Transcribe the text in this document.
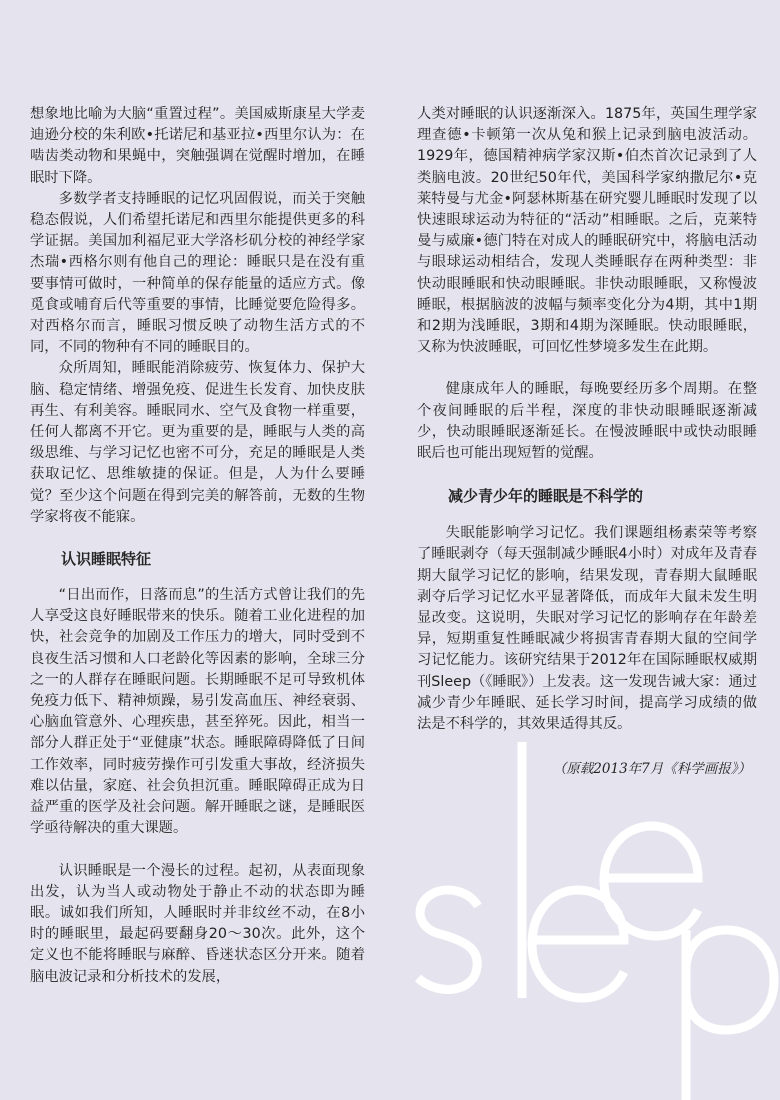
想象地比喻为大脑“重置过程”。美国威斯康星大学麦迪逊分校的朱利欧•托诺尼和基亚拉•西里尔认为：在啮齿类动物和果蝇中，突触强调在觉醒时增加，在睡眠时下降。

多数学者支持睡眠的记忆巩固假说，而关于突触稳态假说，人们希望托诺尼和西里尔能提供更多的科学证据。美国加利福尼亚大学洛杉矶分校的神经学家杰瑞•西格尔则有他自己的理论：睡眠只是在没有重要事情可做时，一种简单的保存能量的适应方式。像觅食或哺育后代等重要的事情，比睡觉要危险得多。对西格尔而言，睡眠习惯反映了动物生活方式的不同，不同的物种有不同的睡眠目的。

众所周知，睡眠能消除疲劳、恢复体力、保护大脑、稳定情绪、增强免疫、促进生长发育、加快皮肤再生、有利美容。睡眠同水、空气及食物一样重要，任何人都离不开它。更为重要的是，睡眠与人类的高级思维、与学习记忆也密不可分，充足的睡眠是人类获取记忆、思维敏捷的保证。但是，人为什么要睡觉？至少这个问题在得到完美的解答前，无数的生物学家将夜不能寐。

认识睡眠特征

“日出而作，日落而息”的生活方式曾让我们的先人享受这良好睡眠带来的快乐。随着工业化进程的加快，社会竞争的加剧及工作压力的增大，同时受到不良夜生活习惯和人口老龄化等因素的影响，全球三分之一的人群存在睡眠问题。长期睡眠不足可导致机体免疫力低下、精神烦躁，易引发高血压、神经衰弱、心脑血管意外、心理疾患，甚至猝死。因此，相当一部分人群正处于“亚健康”状态。睡眠障碍降低了日间工作效率，同时疲劳操作可引发重大事故，经济损失难以估量，家庭、社会负担沉重。睡眠障碍正成为日益严重的医学及社会问题。解开睡眠之谜，是睡眠医学亟待解决的重大课题。

认识睡眠是一个漫长的过程。起初，从表面现象出发，认为当人或动物处于静止不动的状态即为睡眠。诚如我们所知，人睡眠时并非纹丝不动，在8小时的睡眠里，最起码要翻身20～30次。此外，这个定义也不能将睡眠与麻醉、昏迷状态区分开来。随着脑电波记录和分析技术的发展，

人类对睡眠的认识逐渐深入。1875年，英国生理学家理查德•卡顿第一次从兔和猴上记录到脑电波活动。1929年，德国精神病学家汉斯•伯杰首次记录到了人类脑电波。20世纪50年代，美国科学家纳撒尼尔•克莱特曼与尤金•阿瑟林斯基在研究婴儿睡眠时发现了以快速眼球运动为特征的“活动”相睡眠。之后，克莱特曼与威廉•德门特在对成人的睡眠研究中，将脑电活动与眼球运动相结合，发现人类睡眠存在两种类型：非快动眼睡眠和快动眼睡眠。非快动眼睡眠，又称慢波睡眠，根据脑波的波幅与频率变化分为4期，其中1期和2期为浅睡眠，3期和4期为深睡眠。快动眼睡眠，又称为快波睡眠，可回忆性梦境多发生在此期。

健康成年人的睡眠，每晚要经历多个周期。在整个夜间睡眠的后半程，深度的非快动眼睡眠逐渐减少，快动眼睡眠逐渐延长。在慢波睡眠中或快动眼睡眠后也可能出现短暂的觉醒。

减少青少年的睡眠是不科学的

失眠能影响学习记忆。我们课题组杨素荣等考察了睡眠剥夺（每天强制减少睡眠4小时）对成年及青春期大鼠学习记忆的影响，结果发现，青春期大鼠睡眠剥夺后学习记忆水平显著降低，而成年大鼠未发生明显改变。这说明，失眠对学习记忆的影响存在年龄差异，短期重复性睡眠减少将损害青春期大鼠的空间学习记忆能力。该研究结果于2012年在国际睡眠权威期刊Sleep（《睡眠》）上发表。这一发现告诫大家：通过减少青少年睡眠、延长学习时间，提高学习成绩的做法是不科学的，其效果适得其反。

（原载2013年7月《科学画报》）
